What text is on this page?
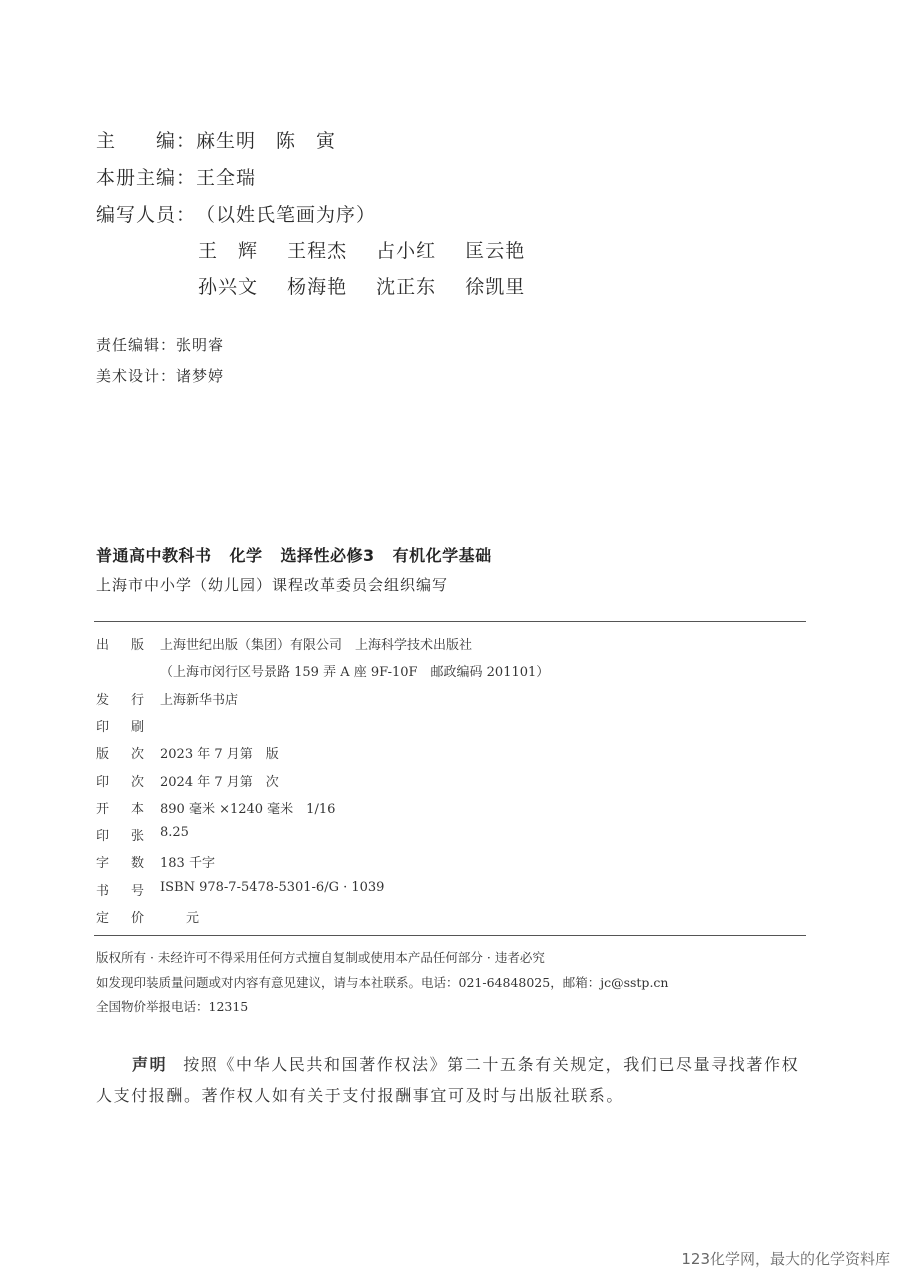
主　　编：麻生明　陈　寅
本册主编：王全瑞
编写人员：（以姓氏笔画为序）
王　辉 王程杰 占小红 匡云艳
孙兴文 杨海艳 沈正东 徐凯里
责任编辑：张明睿
美术设计：诸梦婷
普通高中教科书 化学 选择性必修3 有机化学基础
上海市中小学（幼儿园）课程改革委员会组织编写
出 版 上海世纪出版（集团）有限公司　上海科学技术出版社
（上海市闵行区号景路 159 弄 A 座 9F-10F　邮政编码 201101）
发 行 上海新华书店
印 刷
版 次 2023 年 7 月第　版
印 次 2024 年 7 月第　次
开 本 890 毫米 ×1240 毫米　1/16
印 张 8.25
字 数 183 千字
书 号 ISBN 978-7-5478-5301-6/G · 1039
定 价 　　元
版权所有 · 未经许可不得采用任何方式擅自复制或使用本产品任何部分 · 违者必究
如发现印装质量问题或对内容有意见建议，请与本社联系。电话：021-64848025，邮箱：jc@sstp.cn
全国物价举报电话：12315
声明 按照《中华人民共和国著作权法》第二十五条有关规定，我们已尽量寻找著作权人支付报酬。著作权人如有关于支付报酬事宜可及时与出版社联系。
123化学网，最大的化学资料库
